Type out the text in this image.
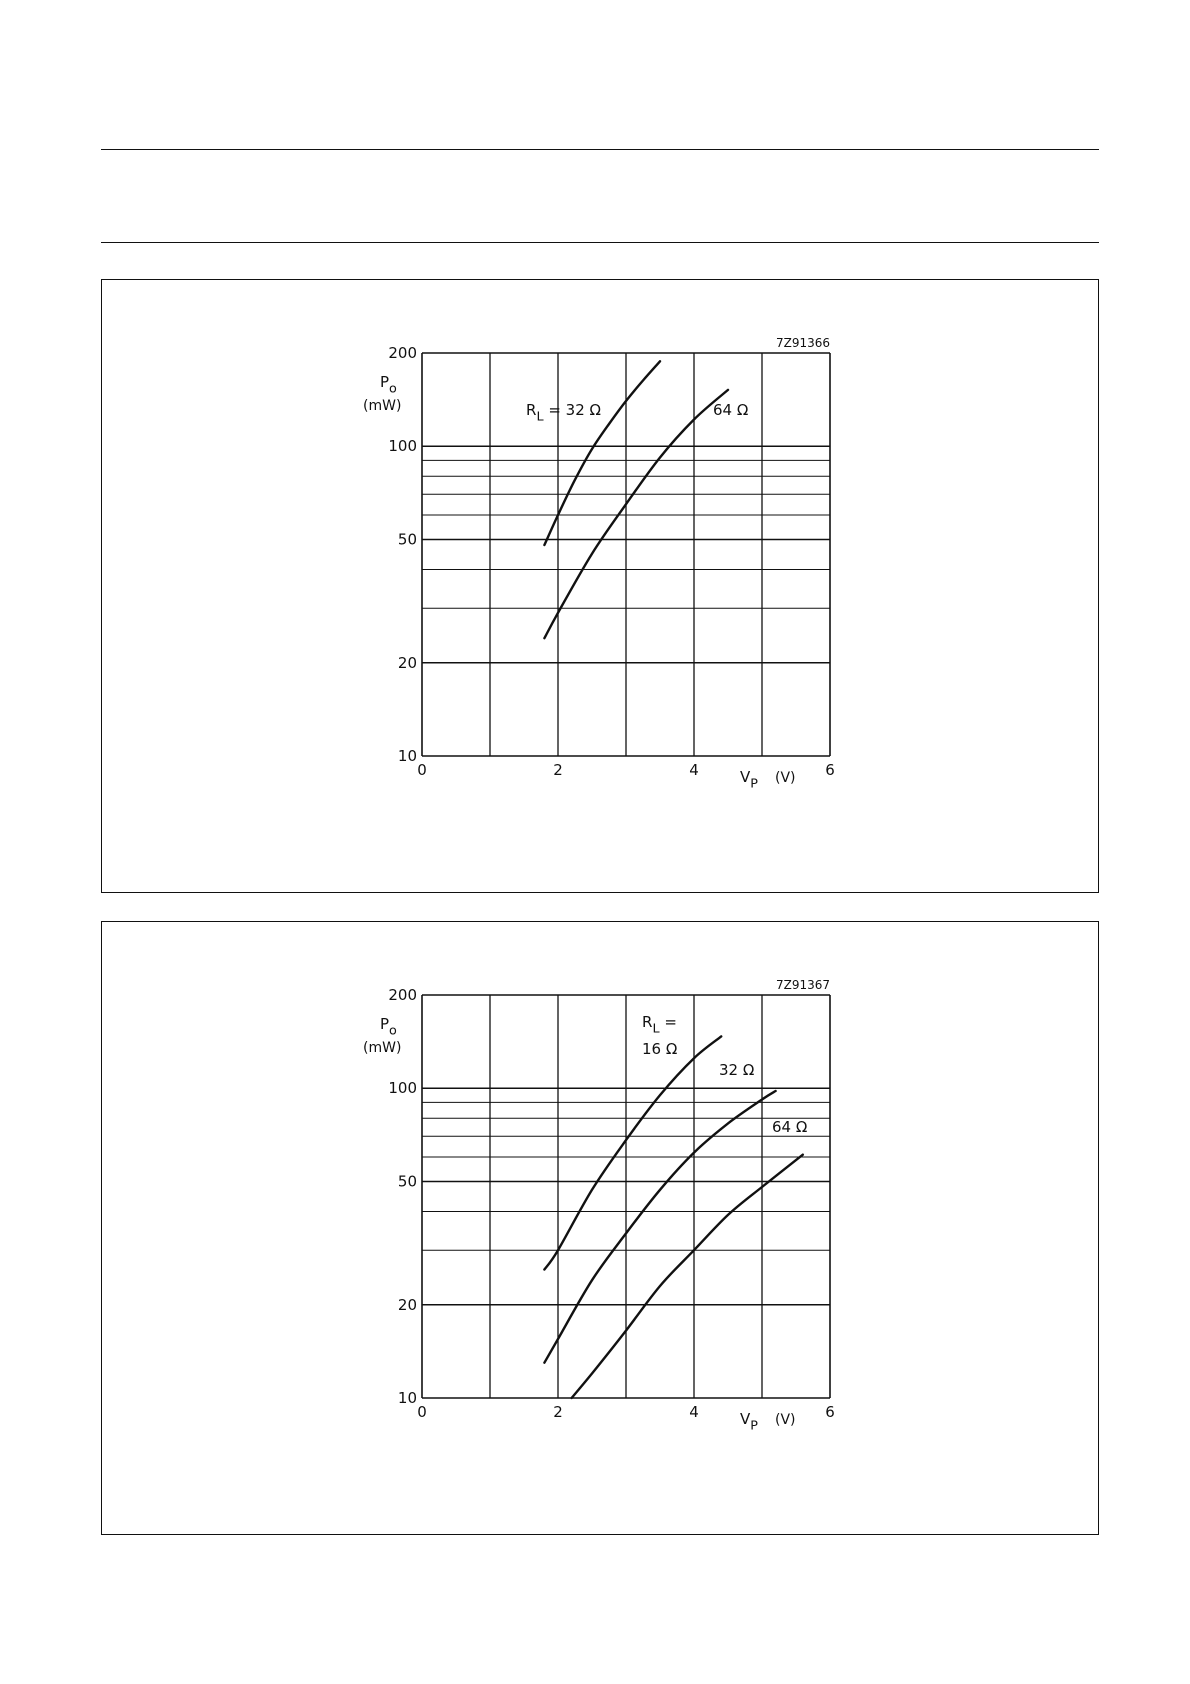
7Z91366
200
100
50
20
10
0	2	4	6
$P_o$
(mW)
$V_P$ (V)
$R_L = 32$ Ω	64 Ω
7Z91367
200
100
50
20
10
0	2	4	6
$P_o$
(mW)
$V_P$ (V)
$R_L$ =
16 Ω
32 Ω
64 Ω
